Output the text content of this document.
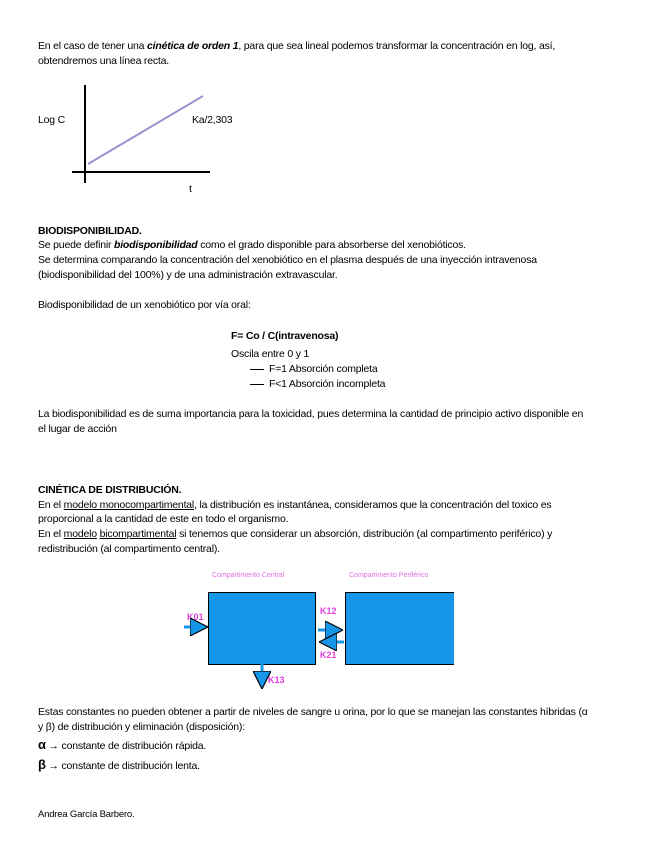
En el caso de tener una cinética de orden 1, para que sea lineal podemos transformar la concentración en log, así,
obtendremos una línea recta.
Log C	Ka/2,303
t
BIODISPONIBILIDAD.
Se puede definir biodisponibilidad como el grado disponible para absorberse del xenobióticos.
Se determina comparando la concentración del xenobiótico en el plasma después de una inyección intravenosa
(biodisponibilidad del 100%) y de una administración extravascular.
Biodisponibilidad de un xenobiótico por vía oral:
F= Co / C(intravenosa)
Oscila entre 0 y 1
F=1 Absorción completa
F<1 Absorción incompleta
La biodisponibilidad es de suma importancia para la toxicidad, pues determina la cantidad de principio activo disponible en
el lugar de acción
CINÉTICA DE DISTRIBUCIÓN.
En el modelo monocompartimental, la distribución es instantánea, consideramos que la concentración del toxico es
proporcional a la cantidad de este en todo el organismo.
En el modelo bicompartimental si tenemos que considerar un absorción, distribución (al compartimento periférico) y
redistribución (al compartimento central).
Compartimento Central	Compartimento Periférico
K01
K12
K21
K13
Estas constantes no pueden obtener a partir de niveles de sangre u orina, por lo que se manejan las constantes híbridas (α
y β) de distribución y eliminación (disposición):
α → constante de distribución rápida.
β → constante de distribución lenta.
Andrea García Barbero.
